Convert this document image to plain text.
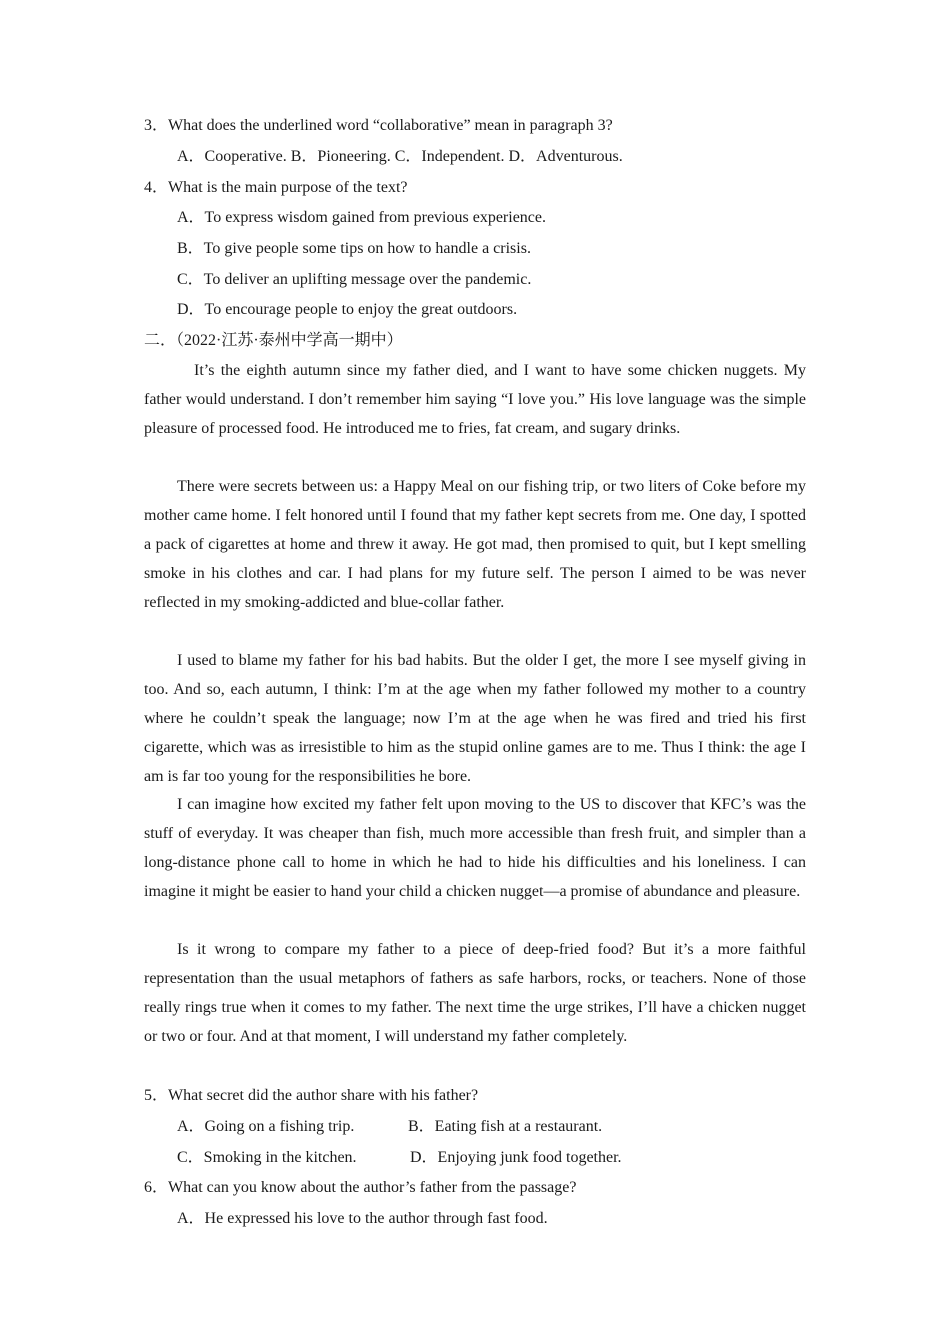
3．What does the underlined word “collaborative” mean in paragraph 3?
A．Cooperative. B．Pioneering. C．Independent. D．Adventurous.
4．What is the main purpose of the text?
A．To express wisdom gained from previous experience.
B．To give people some tips on how to handle a crisis.
C．To deliver an uplifting message over the pandemic.
D．To encourage people to enjoy the great outdoors.
二．（2022·江苏·泰州中学高一期中）
It’s the eighth autumn since my father died, and I want to have some chicken nuggets. My father would understand. I don’t remember him saying “I love you.” His love language was the simple pleasure of processed food. He introduced me to fries, fat cream, and sugary drinks.
There were secrets between us: a Happy Meal on our fishing trip, or two liters of Coke before my mother came home. I felt honored until I found that my father kept secrets from me. One day, I spotted a pack of cigarettes at home and threw it away. He got mad, then promised to quit, but I kept smelling smoke in his clothes and car. I had plans for my future self. The person I aimed to be was never reflected in my smoking-addicted and blue-collar father.
I used to blame my father for his bad habits. But the older I get, the more I see myself giving in too. And so, each autumn, I think: I’m at the age when my father followed my mother to a country where he couldn’t speak the language; now I’m at the age when he was fired and tried his first cigarette, which was as irresistible to him as the stupid online games are to me. Thus I think: the age I am is far too young for the responsibilities he bore.
I can imagine how excited my father felt upon moving to the US to discover that KFC’s was the stuff of everyday. It was cheaper than fish, much more accessible than fresh fruit, and simpler than a long-distance phone call to home in which he had to hide his difficulties and his loneliness. I can imagine it might be easier to hand your child a chicken nugget—a promise of abundance and pleasure.
Is it wrong to compare my father to a piece of deep-fried food? But it’s a more faithful representation than the usual metaphors of fathers as safe harbors, rocks, or teachers. None of those really rings true when it comes to my father. The next time the urge strikes, I’ll have a chicken nugget or two or four. And at that moment, I will understand my father completely.
5．What secret did the author share with his father?
A．Going on a fishing trip.	B．Eating fish at a restaurant.
C．Smoking in the kitchen.	D．Enjoying junk food together.
6．What can you know about the author’s father from the passage?
A．He expressed his love to the author through fast food.
